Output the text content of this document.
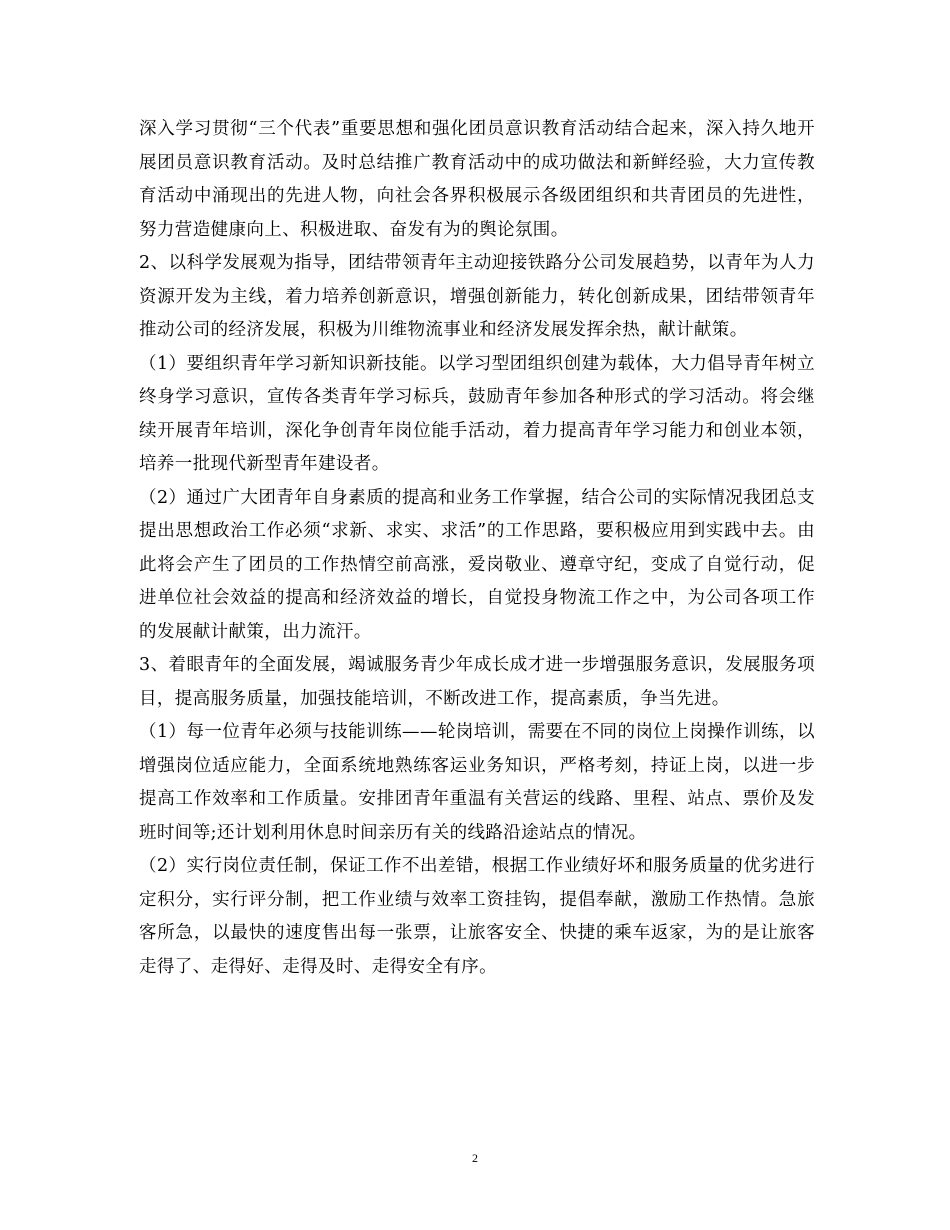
深入学习贯彻“三个代表”重要思想和强化团员意识教育活动结合起来，深入持久地开展团员意识教育活动。及时总结推广教育活动中的成功做法和新鲜经验，大力宣传教育活动中涌现出的先进人物，向社会各界积极展示各级团组织和共青团员的先进性，努力营造健康向上、积极进取、奋发有为的舆论氛围。

2、以科学发展观为指导，团结带领青年主动迎接铁路分公司发展趋势，以青年为人力资源开发为主线，着力培养创新意识，增强创新能力，转化创新成果，团结带领青年推动公司的经济发展，积极为川维物流事业和经济发展发挥余热，献计献策。

（1）要组织青年学习新知识新技能。以学习型团组织创建为载体，大力倡导青年树立终身学习意识，宣传各类青年学习标兵，鼓励青年参加各种形式的学习活动。将会继续开展青年培训，深化争创青年岗位能手活动，着力提高青年学习能力和创业本领，培养一批现代新型青年建设者。

（2）通过广大团青年自身素质的提高和业务工作掌握，结合公司的实际情况我团总支提出思想政治工作必须“求新、求实、求活”的工作思路，要积极应用到实践中去。由此将会产生了团员的工作热情空前高涨，爱岗敬业、遵章守纪，变成了自觉行动，促进单位社会效益的提高和经济效益的增长，自觉投身物流工作之中，为公司各项工作的发展献计献策，出力流汗。

3、着眼青年的全面发展，竭诚服务青少年成长成才进一步增强服务意识，发展服务项目，提高服务质量，加强技能培训，不断改进工作，提高素质，争当先进。

（1）每一位青年必须与技能训练——轮岗培训，需要在不同的岗位上岗操作训练，以增强岗位适应能力，全面系统地熟练客运业务知识，严格考刻，持证上岗，以进一步提高工作效率和工作质量。安排团青年重温有关营运的线路、里程、站点、票价及发班时间等;还计划利用休息时间亲历有关的线路沿途站点的情况。

（2）实行岗位责任制，保证工作不出差错，根据工作业绩好坏和服务质量的优劣进行定积分，实行评分制，把工作业绩与效率工资挂钩，提倡奉献，激励工作热情。急旅客所急，以最快的速度售出每一张票，让旅客安全、快捷的乘车返家，为的是让旅客走得了、走得好、走得及时、走得安全有序。

2
